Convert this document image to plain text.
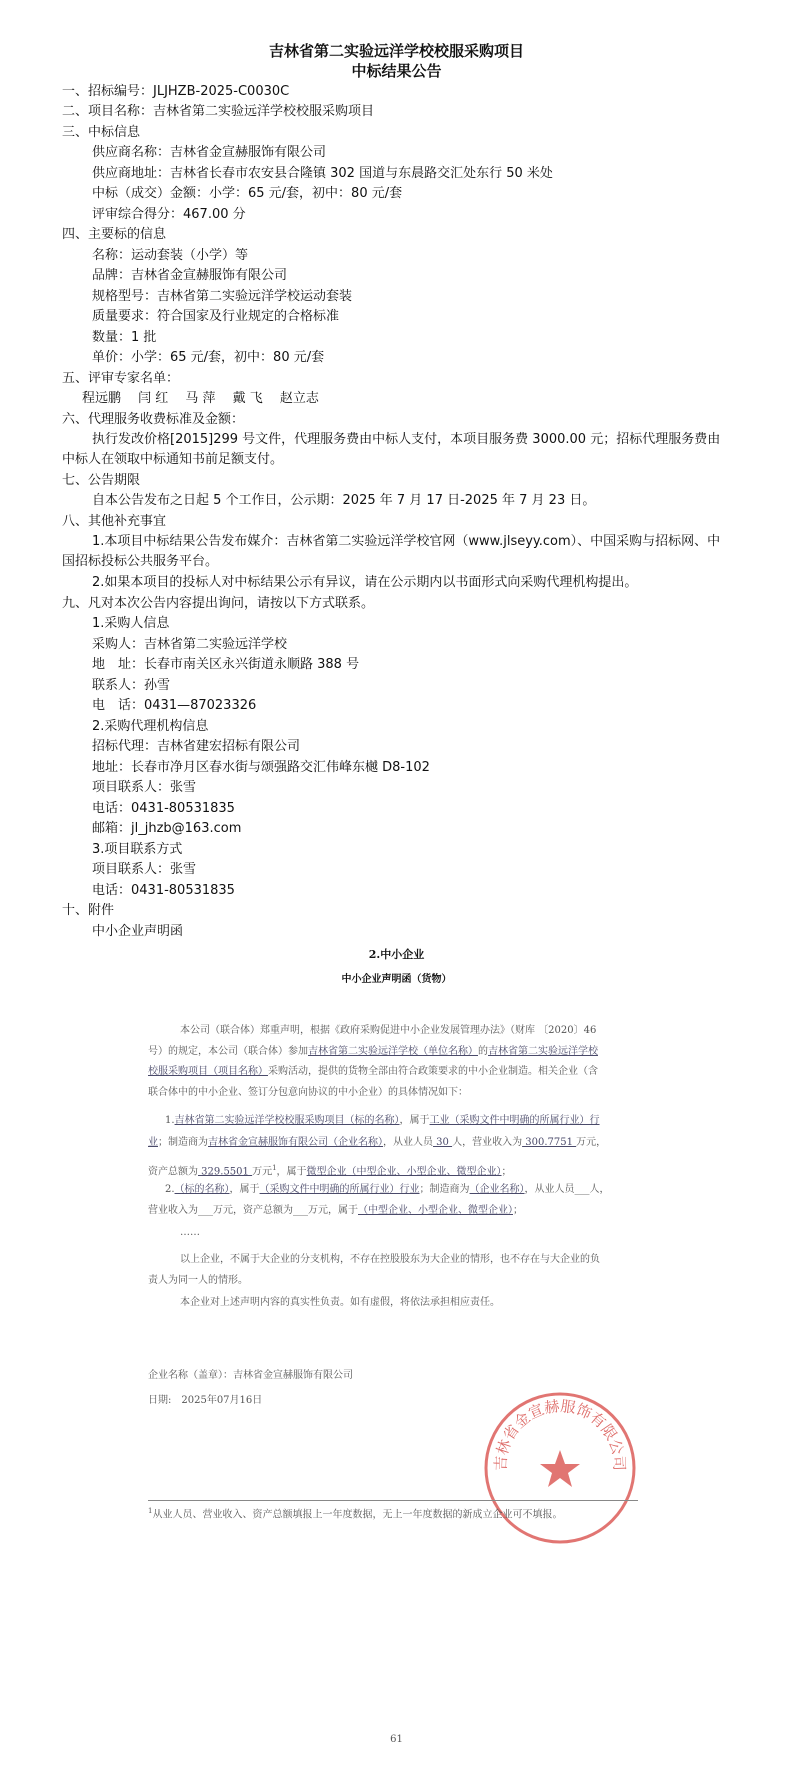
吉林省第二实验远洋学校校服采购项目
中标结果公告
一、招标编号：JLJHZB-2025-C0030C
二、项目名称：吉林省第二实验远洋学校校服采购项目
三、中标信息
供应商名称：吉林省金宣赫服饰有限公司
供应商地址：吉林省长春市农安县合隆镇 302 国道与东晨路交汇处东行 50 米处
中标（成交）金额：小学：65 元/套，初中：80 元/套
评审综合得分：467.00 分
四、主要标的信息
名称：运动套装（小学）等
品牌：吉林省金宣赫服饰有限公司
规格型号：吉林省第二实验远洋学校运动套装
质量要求：符合国家及行业规定的合格标准
数量：1 批
单价：小学：65 元/套，初中：80 元/套
五、评审专家名单：
程远鹏　 闫 红　 马 萍　 戴 飞　 赵立志
六、代理服务收费标准及金额：
执行发改价格[2015]299 号文件，代理服务费由中标人支付，本项目服务费 3000.00 元；招标代理服务费由中标人在领取中标通知书前足额支付。
七、公告期限
自本公告发布之日起 5 个工作日，公示期：2025 年 7 月 17 日-2025 年 7 月 23 日。
八、其他补充事宜
1.本项目中标结果公告发布媒介：吉林省第二实验远洋学校官网（www.jlseyy.com）、中国采购与招标网、中国招标投标公共服务平台。
2.如果本项目的投标人对中标结果公示有异议，请在公示期内以书面形式向采购代理机构提出。
九、凡对本次公告内容提出询问，请按以下方式联系。
1.采购人信息
采购人：吉林省第二实验远洋学校
地　址：长春市南关区永兴街道永顺路 388 号
联系人：孙雪
电　话：0431—87023326
2.采购代理机构信息
招标代理：吉林省建宏招标有限公司
地址：长春市净月区春水街与颂强路交汇伟峰东樾 D8-102
项目联系人：张雪
电话：0431-80531835
邮箱：jl_jhzb@163.com
3.项目联系方式
项目联系人：张雪
电话：0431-80531835
十、附件
中小企业声明函
2.中小企业
中小企业声明函（货物）
本公司（联合体）郑重声明，根据《政府采购促进中小企业发展管理办法》（财库 〔2020〕46
号）的规定，本公司（联合体）参加吉林省第二实验远洋学校（单位名称）的吉林省第二实验远洋学校
校服采购项目（项目名称）采购活动，提供的货物全部由符合政策要求的中小企业制造。相关企业（含
联合体中的中小企业、签订分包意向协议的中小企业）的具体情况如下：
1.吉林省第二实验远洋学校校服采购项目（标的名称），属于工业（采购文件中明确的所属行业）行
业；制造商为吉林省金宣赫服饰有限公司（企业名称），从业人员 30 人，营业收入为 300.7751 万元，
资产总额为 329.5501 万元$^1$，属于微型企业（中型企业、小型企业、微型企业）；
2.（标的名称），属于（采购文件中明确的所属行业）行业；制造商为（企业名称），从业人员___人，
营业收入为___万元，资产总额为___万元，属于（中型企业、小型企业、微型企业）；
……
以上企业，不属于大企业的分支机构，不存在控股股东为大企业的情形，也不存在与大企业的负
责人为同一人的情形。
本企业对上述声明内容的真实性负责。如有虚假，将依法承担相应责任。
企业名称（盖章）：吉林省金宣赫服饰有限公司
日期:　2025年07月16日
吉林省金宣赫服饰有限公司
$^1$从业人员、营业收入、资产总额填报上一年度数据，无上一年度数据的新成立企业可不填报。
61
